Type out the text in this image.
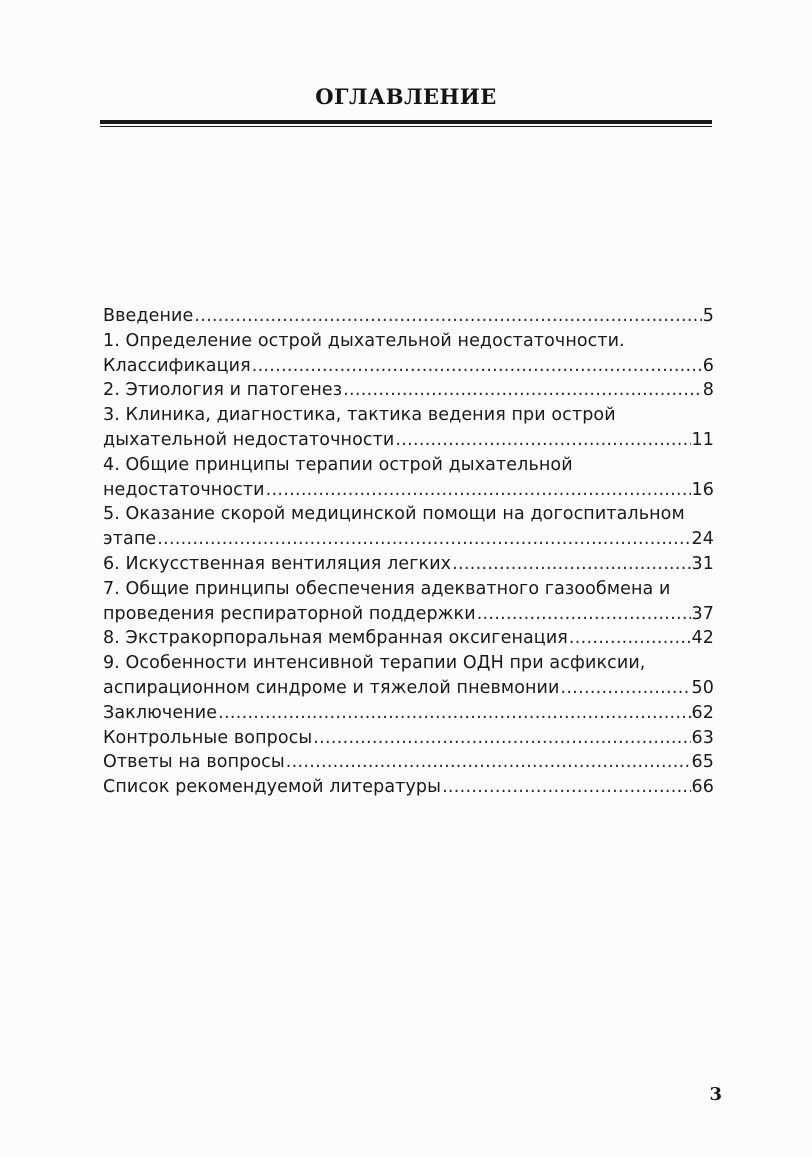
ОГЛАВЛЕНИЕ
Введение .....	5
1. Определение острой дыхательной недостаточности.
Классификация .....	6
2. Этиология и патогенез .....	8
3. Клиника, диагностика, тактика ведения при острой
дыхательной недостаточности .....	11
4. Общие принципы терапии острой дыхательной
недостаточности .....	16
5. Оказание скорой медицинской помощи на догоспитальном
этапе .....	24
6. Искусственная вентиляция легких .....	31
7. Общие принципы обеспечения адекватного газообмена и
проведения респираторной поддержки .....	37
8. Экстракорпоральная мембранная оксигенация .....	42
9. Особенности интенсивной терапии ОДН при асфиксии,
аспирационном синдроме и тяжелой пневмонии .....	50
Заключение .....	62
Контрольные вопросы .....	63
Ответы на вопросы .....	65
Список рекомендуемой литературы .....	66
3
